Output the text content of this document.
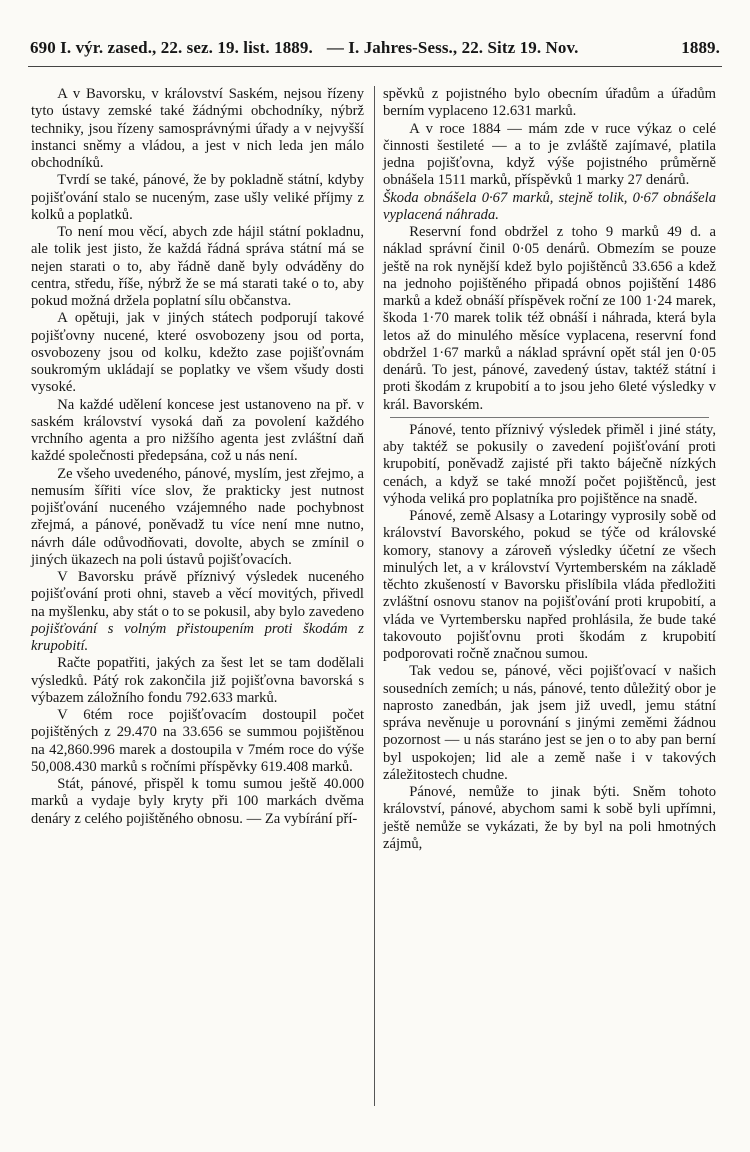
690 I. výr. zased., 22. sez. 19. list. 1889. — I. Jahres-Sess., 22. Sitz 19. Nov.	1889.

A v Bavorsku, v království Saském, nejsou řízeny tyto ústavy zemské také žádnými obchodníky, nýbrž techniky, jsou řízeny samosprávnými úřady a v nejvyšší instanci sněmy a vládou, a jest v nich leda jen málo obchodníků.

Tvrdí se také, pánové, že by pokladně státní, kdyby pojišťování stalo se nuceným, zase ušly veliké příjmy z kolků a poplatků.

To není mou věcí, abych zde hájil státní pokladnu, ale tolik jest jisto, že každá řádná správa státní má se nejen starati o to, aby řádně daně byly odváděny do centra, středu, říše, nýbrž že se má starati také o to, aby pokud možná držela poplatní sílu občanstva.

A opětuji, jak v jiných státech podporují takové pojišťovny nucené, které osvobozeny jsou od porta, osvobozeny jsou od kolku, kdežto zase pojišťovnám soukromým ukládají se poplatky ve všem všudy dosti vysoké.

Na každé udělení koncese jest ustanoveno na př. v saském království vysoká daň za povolení každého vrchního agenta a pro nižšího agenta jest zvláštní daň každé společnosti předepsána, což u nás není.

Ze všeho uvedeného, pánové, myslím, jest zřejmo, a nemusím šířiti více slov, že prakticky jest nutnost pojišťování nuceného vzájemného nade pochybnost zřejmá, a pánové, poněvadž tu více není mne nutno, návrh dále odůvodňovati, dovolte, abych se zmínil o jiných ükazech na poli ústavů pojišťovacích.

V Bavorsku právě příznivý výsledek nuceného pojišťování proti ohni, staveb a věcí movitých, přivedl na myšlenku, aby stát o to se pokusil, aby bylo zavedeno pojišťování s volným přistoupením proti škodám z krupobití.

Račte popatřiti, jakých za šest let se tam dodělali výsledků. Pátý rok zakončila již pojišťovna bavorská s výbazem záložního fondu 792.633 marků.

V 6tém roce pojišťovacím dostoupil počet pojištěných z 29.470 na 33.656 se summou pojištěnou na 42,860.996 marek a dostoupila v 7mém roce do výše 50,008.430 marků s ročními příspěvky 619.408 marků.

Stát, pánové, přispěl k tomu sumou ještě 40.000 marků a vydaje byly kryty při 100 markách dvěma denáry z celého pojištěného obnosu. — Za vybírání pří-

spěvků z pojistného bylo obecním úřadům a úřadům berním vyplaceno 12.631 marků.

A v roce 1884 — mám zde v ruce výkaz o celé činnosti šestileté — a to je zvláště zajímavé, platila jedna pojišťovna, když výše pojistného průměrně obnášela 1511 marků, příspěvků 1 marky 27 denárů.

Škoda obnášela 0·67 marků, stejně tolik, 0·67 obnášela vyplacená náhrada.

Reservní fond obdržel z toho 9 marků 49 d. a náklad správní činil 0·05 denárů. Obmezím se pouze ještě na rok nynější kdež bylo pojištěnců 33.656 a kdež na jednoho pojištěného připadá obnos pojištění 1486 marků a kdež obnáší příspěvek roční ze 100 1·24 marek, škoda 1·70 marek tolik též obnáší i náhrada, která byla letos až do minulého měsíce vyplacena, reservní fond obdržel 1·67 marků a náklad správní opět stál jen 0·05 denárů. To jest, pánové, zavedený ústav, taktéž státní i proti škodám z krupobití a to jsou jeho 6leté výsledky v král. Bavorském.

Pánové, tento příznivý výsledek přiměl i jiné státy, aby taktéž se pokusily o zavedení pojišťování proti krupobití, poněvadž zajisté při takto báječně nízkých cenách, a když se také množí počet pojištěnců, jest výhoda veliká pro poplatníka pro pojištěnce na snadě.

Pánové, země Alsasy a Lotaringy vyprosily sobě od království Bavorského, pokud se týče od královské komory, stanovy a zároveň výsledky účetní ze všech minulých let, a v království Vyrtemberském na základě těchto zkušeností v Bavorsku přislíbila vláda předložiti zvláštní osnovu stanov na pojišťování proti krupobití, a vláda ve Vyrtembersku napřed prohlásila, že bude také takovouto pojišťovnu proti škodám z krupobití podporovati ročně značnou sumou.

Tak vedou se, pánové, věci pojišťovací v našich sousedních zemích; u nás, pánové, tento důležitý obor je naprosto zanedbán, jak jsem již uvedl, jemu státní správa nevěnuje u porovnání s jinými zeměmi žádnou pozornost — u nás staráno jest se jen o to aby pan berní byl uspokojen; lid ale a země naše i v takových záležitostech chudne.

Pánové, nemůže to jinak býti. Sněm tohoto království, pánové, abychom sami k sobě byli upřímni, ještě nemůže se vykázati, že by byl na poli hmotných zájmů,
